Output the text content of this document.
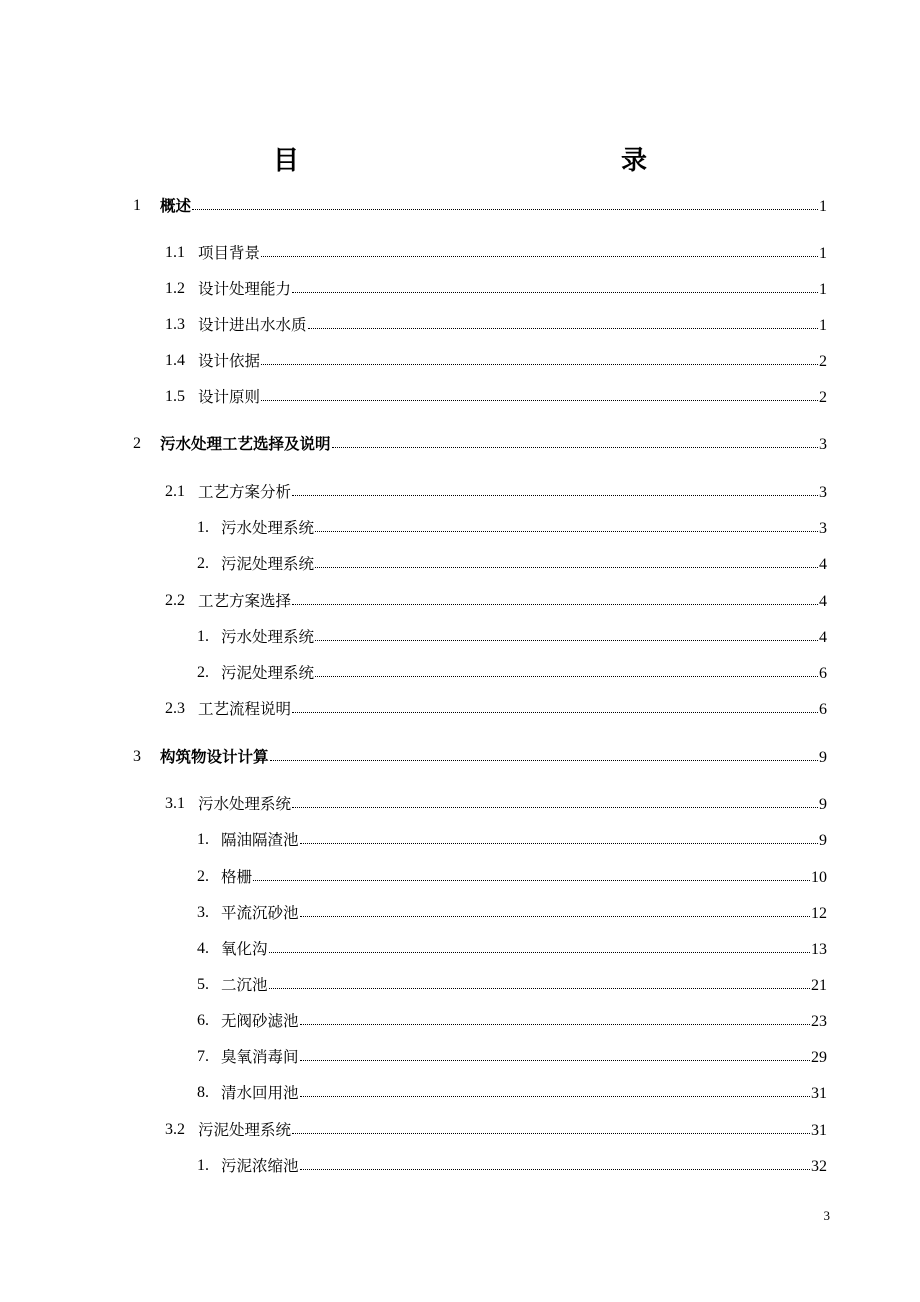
目　　录
1 概述	1
1.1 项目背景	1
1.2 设计处理能力	1
1.3 设计进出水水质	1
1.4 设计依据	2
1.5 设计原则	2
2 污水处理工艺选择及说明	3
2.1 工艺方案分析	3
1. 污水处理系统	3
2. 污泥处理系统	4
2.2 工艺方案选择	4
1. 污水处理系统	4
2. 污泥处理系统	6
2.3 工艺流程说明	6
3 构筑物设计计算	9
3.1 污水处理系统	9
1. 隔油隔渣池	9
2. 格栅	10
3. 平流沉砂池	12
4. 氧化沟	13
5. 二沉池	21
6. 无阀砂滤池	23
7. 臭氧消毒间	29
8. 清水回用池	31
3.2 污泥处理系统	31
1. 污泥浓缩池	32
3
